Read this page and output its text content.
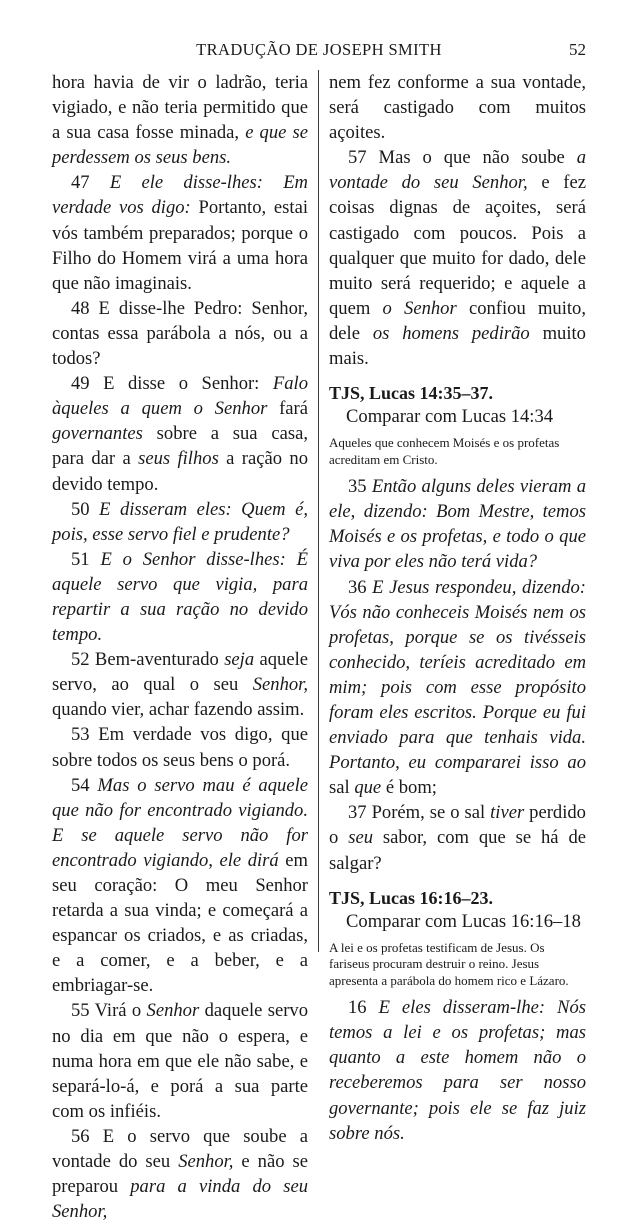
TRADUÇÃO DE JOSEPH SMITH	52

hora havia de vir o ladrão, teria vigiado, e não teria permitido que a sua casa fosse minada, e que se perdessem os seus bens.

47 E ele disse-lhes: Em verdade vos digo: Portanto, estai vós também preparados; porque o Filho do Homem virá a uma hora que não imaginais.

48 E disse-lhe Pedro: Senhor, contas essa parábola a nós, ou a todos?

49 E disse o Senhor: Falo àqueles a quem o Senhor fará governantes sobre a sua casa, para dar a seus filhos a ração no devido tempo.

50 E disseram eles: Quem é, pois, esse servo fiel e prudente?

51 E o Senhor disse-lhes: É aquele servo que vigia, para repartir a sua ração no devido tempo.

52 Bem-aventurado seja aquele servo, ao qual o seu Senhor, quando vier, achar fazendo assim.

53 Em verdade vos digo, que sobre todos os seus bens o porá.

54 Mas o servo mau é aquele que não for encontrado vigiando. E se aquele servo não for encontrado vigiando, ele dirá em seu coração: O meu Senhor retarda a sua vinda; e começará a espancar os criados, e as criadas, e a comer, e a beber, e a embriagar-se.

55 Virá o Senhor daquele servo no dia em que não o espera, e numa hora em que ele não sabe, e separá-lo-á, e porá a sua parte com os infiéis.

56 E o servo que soube a vontade do seu Senhor, e não se preparou para a vinda do seu Senhor,

nem fez conforme a sua vontade, será castigado com muitos açoites.

57 Mas o que não soube a vontade do seu Senhor, e fez coisas dignas de açoites, será castigado com poucos. Pois a qualquer que muito for dado, dele muito será requerido; e aquele a quem o Senhor confiou muito, dele os homens pedirão muito mais.

TJS, Lucas 14:35–37.

Comparar com Lucas 14:34

Aqueles que conhecem Moisés e os profetas acreditam em Cristo.

35 Então alguns deles vieram a ele, dizendo: Bom Mestre, temos Moisés e os profetas, e todo o que viva por eles não terá vida?

36 E Jesus respondeu, dizendo: Vós não conheceis Moisés nem os profetas, porque se os tivésseis conhecido, teríeis acreditado em mim; pois com esse propósito foram eles escritos. Porque eu fui enviado para que tenhais vida. Portanto, eu compararei isso ao sal que é bom;

37 Porém, se o sal tiver perdido o seu sabor, com que se há de salgar?

TJS, Lucas 16:16–23.

Comparar com Lucas 16:16–18

A lei e os profetas testificam de Jesus. Os fariseus procuram destruir o reino. Jesus apresenta a parábola do homem rico e Lázaro.

16 E eles disseram-lhe: Nós temos a lei e os profetas; mas quanto a este homem não o receberemos para ser nosso governante; pois ele se faz juiz sobre nós.
